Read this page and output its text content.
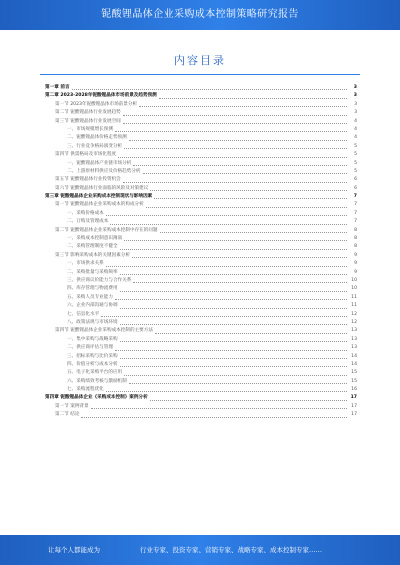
铌酸锂晶体企业采购成本控制策略研究报告
内容目录
第一章 前言	3
第二章 2023-2028年铌酸锂晶体市场前景及趋势预测	3
第一节 2023年铌酸锂晶体市场前景分析	3
第二节 铌酸锂晶体行业发展趋势	3
第三节 铌酸锂晶体行业发展空间	4
一、市场规模增长预测	4
二、铌酸锂晶体价格走势预测	4
三、行业竞争格局演变分析	5
第四节 供需格局及市场化程度	5
一、铌酸锂晶体产业链市场分析	5
二、上游原材料供应及价格趋势分析	5
第五节 铌酸锂晶体行业投资机会	6
第六节 铌酸锂晶体行业面临的风险及对策建议	6
第三章 铌酸锂晶体企业采购成本控制现状与影响因素	7
第一节 铌酸锂晶体企业采购成本的构成分析	7
一、采购价格成本	7
二、订购及管理成本	7
第二节 铌酸锂晶体企业采购成本控制中存在的问题	8
一、采购成本控制意识薄弱	8
二、采购管理制度不健全	8
第三节 影响采购成本的关键因素分析	9
一、市场供求关系	9
二、采购批量与采购频率	9
三、供应商议价能力与合作关系	10
四、库存管理与物流费用	10
五、采购人员专业能力	11
六、企业内部沟通与协调	11
七、信息化水平	12
八、政策法规与市场环境	12
第四节 铌酸锂晶体企业采购成本控制的主要方法	13
一、集中采购与战略采购	13
二、供应商评估与管理	13
三、招标采购与比价采购	14
四、价值分析与成本分析	14
五、电子化采购平台的应用	15
六、采购绩效考核与激励机制	15
七、采购流程优化	16
第四章 铌酸锂晶体企业《采购成本控制》案例分析	17
第一节 案例背景	17
第二节 结论	17
让每个人都能成为	行业专家、投资专家、营销专家、战略专家、成本控制专家……
